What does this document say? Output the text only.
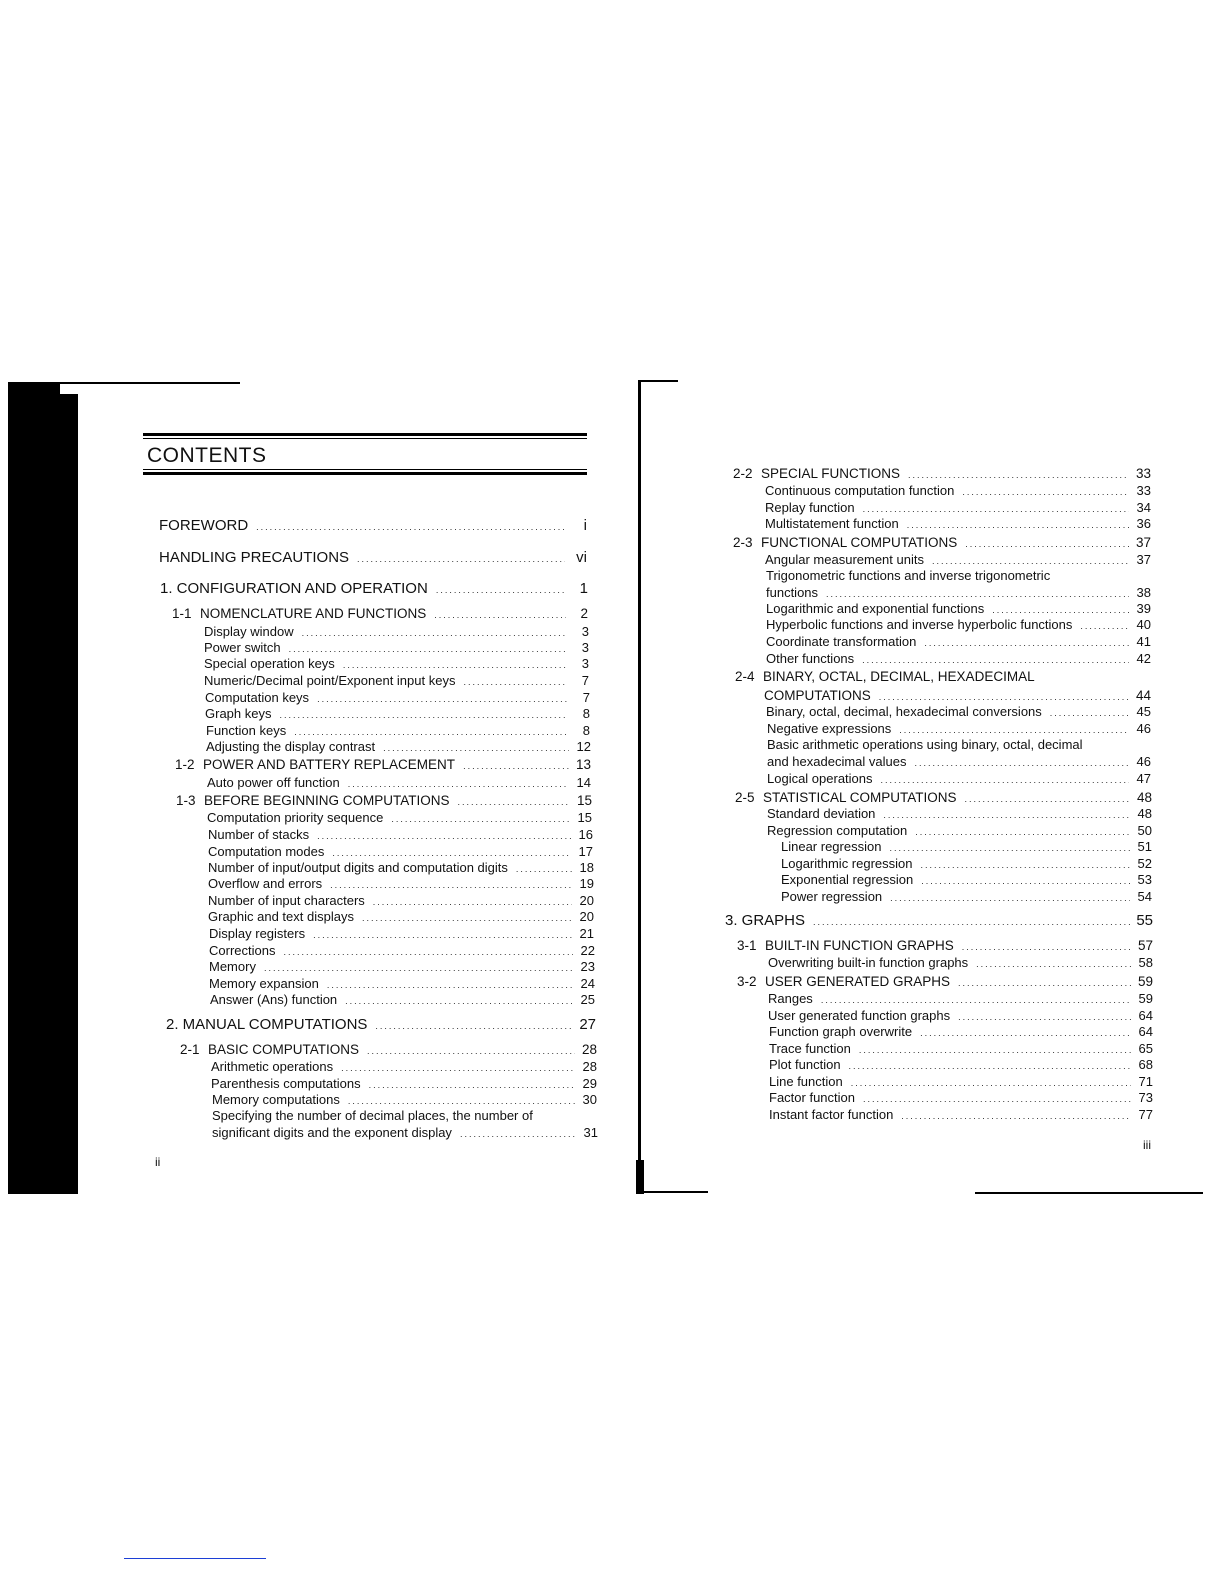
CONTENTS
FOREWORD .....	i
HANDLING PRECAUTIONS .....	vi
1. CONFIGURATION AND OPERATION .....	1
1-1 NOMENCLATURE AND FUNCTIONS .....	2
Display window .....	3
Power switch .....	3
Special operation keys .....	3
Numeric/Decimal point/Exponent input keys .....	7
Computation keys .....	7
Graph keys .....	8
Function keys .....	8
Adjusting the display contrast .....	12
1-2 POWER AND BATTERY REPLACEMENT .....	13
Auto power off function .....	14
1-3 BEFORE BEGINNING COMPUTATIONS .....	15
Computation priority sequence .....	15
Number of stacks .....	16
Computation modes .....	17
Number of input/output digits and computation digits .....	18
Overflow and errors .....	19
Number of input characters .....	20
Graphic and text displays .....	20
Display registers .....	21
Corrections .....	22
Memory .....	23
Memory expansion .....	24
Answer (Ans) function .....	25
2. MANUAL COMPUTATIONS .....	27
2-1 BASIC COMPUTATIONS .....	28
Arithmetic operations .....	28
Parenthesis computations .....	29
Memory computations .....	30
Specifying the number of decimal places, the number of
significant digits and the exponent display .....	31
ii
2-2 SPECIAL FUNCTIONS .....	33
Continuous computation function .....	33
Replay function .....	34
Multistatement function .....	36
2-3 FUNCTIONAL COMPUTATIONS .....	37
Angular measurement units .....	37
Trigonometric functions and inverse trigonometric
functions .....	38
Logarithmic and exponential functions .....	39
Hyperbolic functions and inverse hyperbolic functions .....	40
Coordinate transformation .....	41
Other functions .....	42
2-4 BINARY, OCTAL, DECIMAL, HEXADECIMAL
COMPUTATIONS .....	44
Binary, octal, decimal, hexadecimal conversions .....	45
Negative expressions .....	46
Basic arithmetic operations using binary, octal, decimal
and hexadecimal values .....	46
Logical operations .....	47
2-5 STATISTICAL COMPUTATIONS .....	48
Standard deviation .....	48
Regression computation .....	50
Linear regression .....	51
Logarithmic regression .....	52
Exponential regression .....	53
Power regression .....	54
3. GRAPHS .....	55
3-1 BUILT-IN FUNCTION GRAPHS .....	57
Overwriting built-in function graphs .....	58
3-2 USER GENERATED GRAPHS .....	59
Ranges .....	59
User generated function graphs .....	64
Function graph overwrite .....	64
Trace function .....	65
Plot function .....	68
Line function .....	71
Factor function .....	73
Instant factor function .....	77
iii
